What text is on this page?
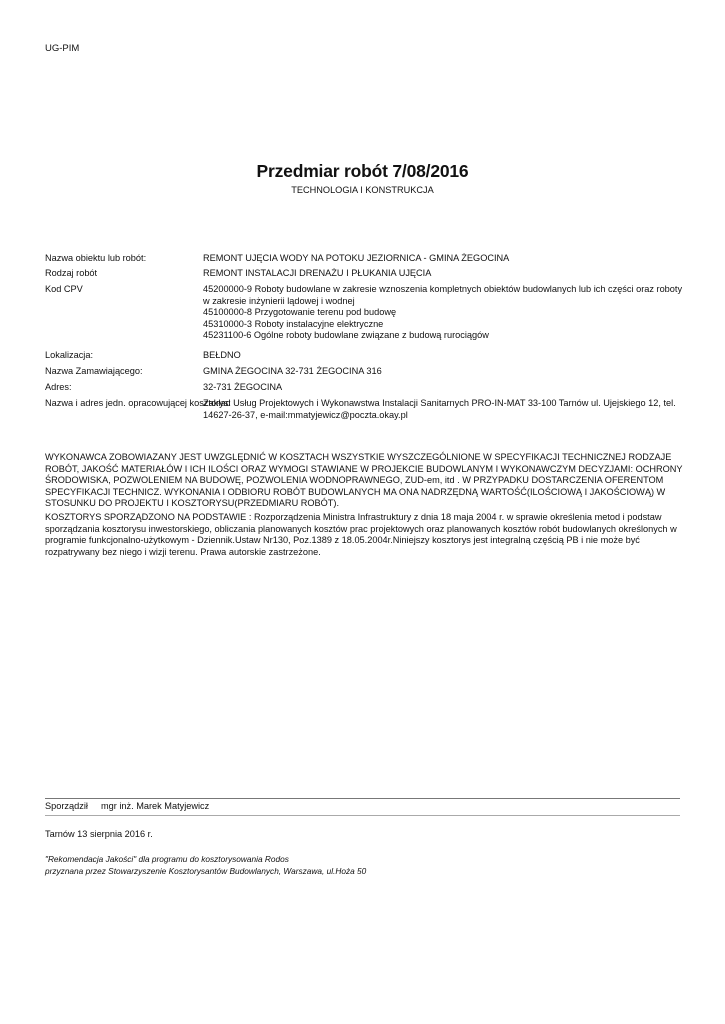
UG-PIM
Przedmiar robót 7/08/2016
TECHNOLOGIA I KONSTRUKCJA
Nazwa obiektu lub robót:	REMONT UJĘCIA WODY NA POTOKU JEZIORNICA - GMINA ŻEGOCINA
Rodzaj robót	REMONT INSTALACJI DRENAŻU I PŁUKANIA UJĘCIA
Kod CPV	45200000-9 Roboty budowlane w zakresie wznoszenia kompletnych obiektów budowlanych lub ich części oraz roboty w zakresie inżynierii lądowej i wodnej
45100000-8 Przygotowanie terenu pod budowę
45310000-3 Roboty instalacyjne elektryczne
45231100-6 Ogólne roboty budowlane związane z budową rurociągów
Lokalizacja:	BEŁDNO
Nazwa Zamawiającego:	GMINA ŻEGOCINA 32-731 ŻEGOCINA 316
Adres:	32-731 ŻEGOCINA
Nazwa i adres jedn. opracowującej kosztorys:
Zakład Usług Projektowych i Wykonawstwa Instalacji Sanitarnych PRO-IN-MAT 33-100 Tarnów ul. Ujejskiego 12, tel.
14627-26-37, e-mail:mmatyjewicz@poczta.okay.pl

WYKONAWCA ZOBOWIAZANY JEST UWZGLĘDNIĆ W KOSZTACH WSZYSTKIE WYSZCZEGÓLNIONE W SPECYFIKACJI TECHNICZNEJ RODZAJE ROBÓT, JAKOŚĆ MATERIAŁÓW I ICH ILOŚCI ORAZ WYMOGI STAWIANE W PROJEKCIE BUDOWLANYM I WYKONAWCZYM DECYZJAMI: OCHRONY ŚRODOWISKA, POZWOLENIEM NA BUDOWĘ, POZWOLENIA WODNOPRAWNEGO, ZUD-em, itd . W PRZYPADKU DOSTARCZENIA OFERENTOM SPECYFIKACJI TECHNICZ. WYKONANIA I ODBIORU ROBÓT BUDOWLANYCH MA ONA NADRZĘDNĄ WARTOŚĆ(ILOŚCIOWĄ I JAKOŚCIOWĄ) W STOSUNKU DO PROJEKTU I KOSZTORYSU(PRZEDMIARU ROBÓT).

KOSZTORYS SPORZĄDZONO NA PODSTAWIE : Rozporządzenia Ministra Infrastruktury z dnia 18 maja 2004 r. w sprawie określenia metod i podstaw sporządzania kosztorysu inwestorskiego, obliczania planowanych kosztów prac projektowych oraz planowanych kosztów robót budowlanych określonych w programie funkcjonalno-użytkowym - Dziennik.Ustaw Nr130, Poz.1389 z 18.05.2004r.Niniejszy kosztorys jest integralną częścią PB i nie może być rozpatrywany bez niego i wizji terenu. Prawa autorskie zastrzeżone.

Sporządził mgr inż. Marek Matyjewicz
Tarnów 13 sierpnia 2016 r.
"Rekomendacja Jakości" dla programu do kosztorysowania Rodos
przyznana przez Stowarzyszenie Kosztorysantów Budowlanych, Warszawa, ul.Hoża 50
